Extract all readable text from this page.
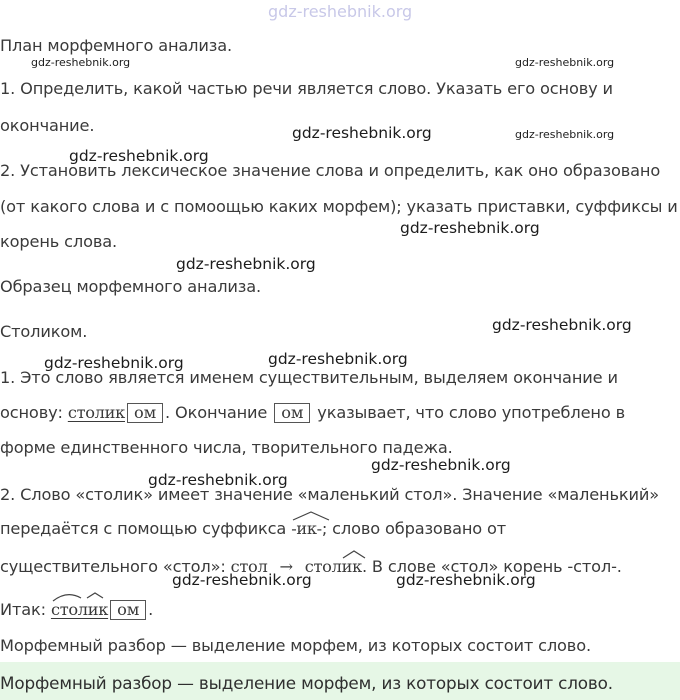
gdz-reshebnik.org
План морфемного анализа.
1. Определить, какой частью речи является слово. Указать его основу и
окончание.
2. Установить лексическое значение слова и определить, как оно образовано
(от какого слова и с помоощью каких морфем); указать приставки, суффиксы и
корень слова.
Образец морфемного анализа.
Столиком.
1. Это слово является именем существительным, выделяем окончание и
основу: столик ом . Окончание ом указывает, что слово употреблено в
форме единственного числа, творительного падежа.
2. Слово «столик» имеет значение «маленький стол». Значение «маленький»
передаётся с помощью суффикса
-ик-; слово образовано от
существительного «стол»: стол → стол
ик. В слове «стол» корень -стол-.
Итак:
столик ом .
Морфемный разбор — выделение морфем, из которых состоит слово.
Морфемный разбор — выделение морфем, из которых состоит слово.
gdz-reshebnik.org	gdz-reshebnik.org
gdz-reshebnik.org	gdz-reshebnik.org
gdz-reshebnik.org
gdz-reshebnik.org
gdz-reshebnik.org
gdz-reshebnik.org
gdz-reshebnik.org	gdz-reshebnik.org
gdz-reshebnik.org
gdz-reshebnik.org
gdz-reshebnik.org	gdz-reshebnik.org
